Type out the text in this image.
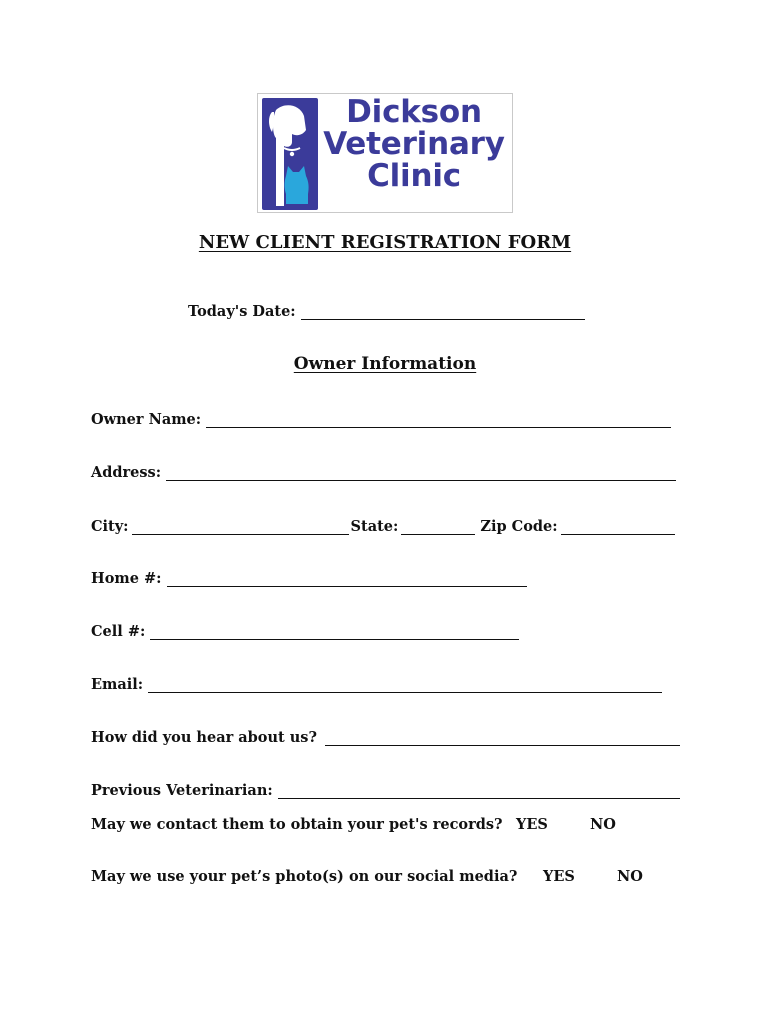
Dickson
Veterinary
Clinic
NEW CLIENT REGISTRATION FORM
Today's Date:
Owner Information
Owner Name:
Address:
City:	State:	Zip Code:
Home #:
Cell #:
Email:
How did you hear about us?
Previous Veterinarian:
May we contact them to obtain your pet's records? YES	NO
May we use your pet’s photo(s) on our social media? YES	NO
